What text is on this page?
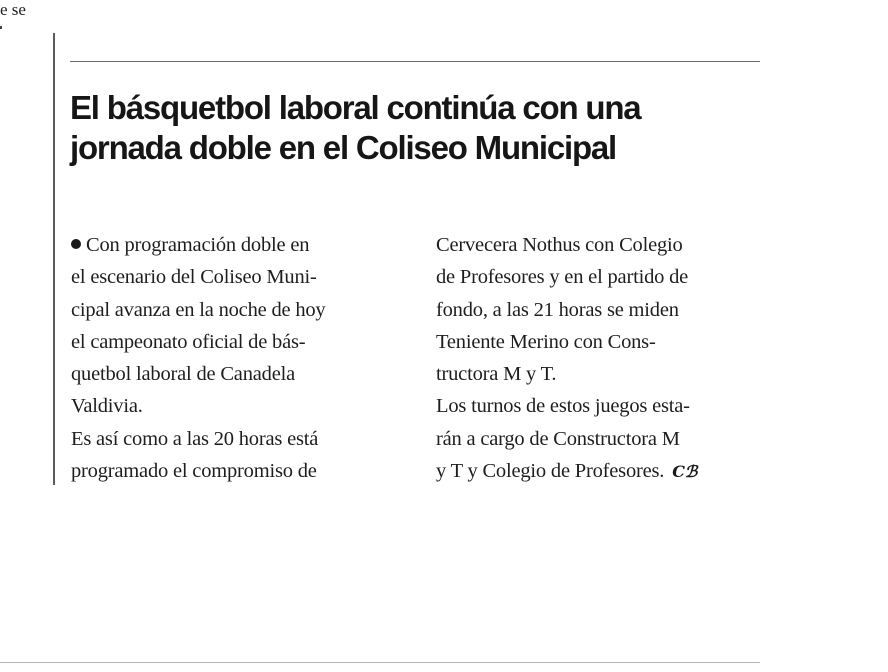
e se
El básquetbol laboral continúa con una
jornada doble en el Coliseo Municipal
Con programación doble en
el escenario del Coliseo Muni-
cipal avanza en la noche de hoy
el campeonato oficial de bás-
quetbol laboral de Canadela
Valdivia.
Es así como a las 20 horas está
programado el compromiso de
Cervecera Nothus con Colegio
de Profesores y en el partido de
fondo, a las 21 horas se miden
Teniente Merino con Cons-
tructora M y T.
Los turnos de estos juegos esta-
rán a cargo de Constructora M
y T y Colegio de Profesores. Cℬ
